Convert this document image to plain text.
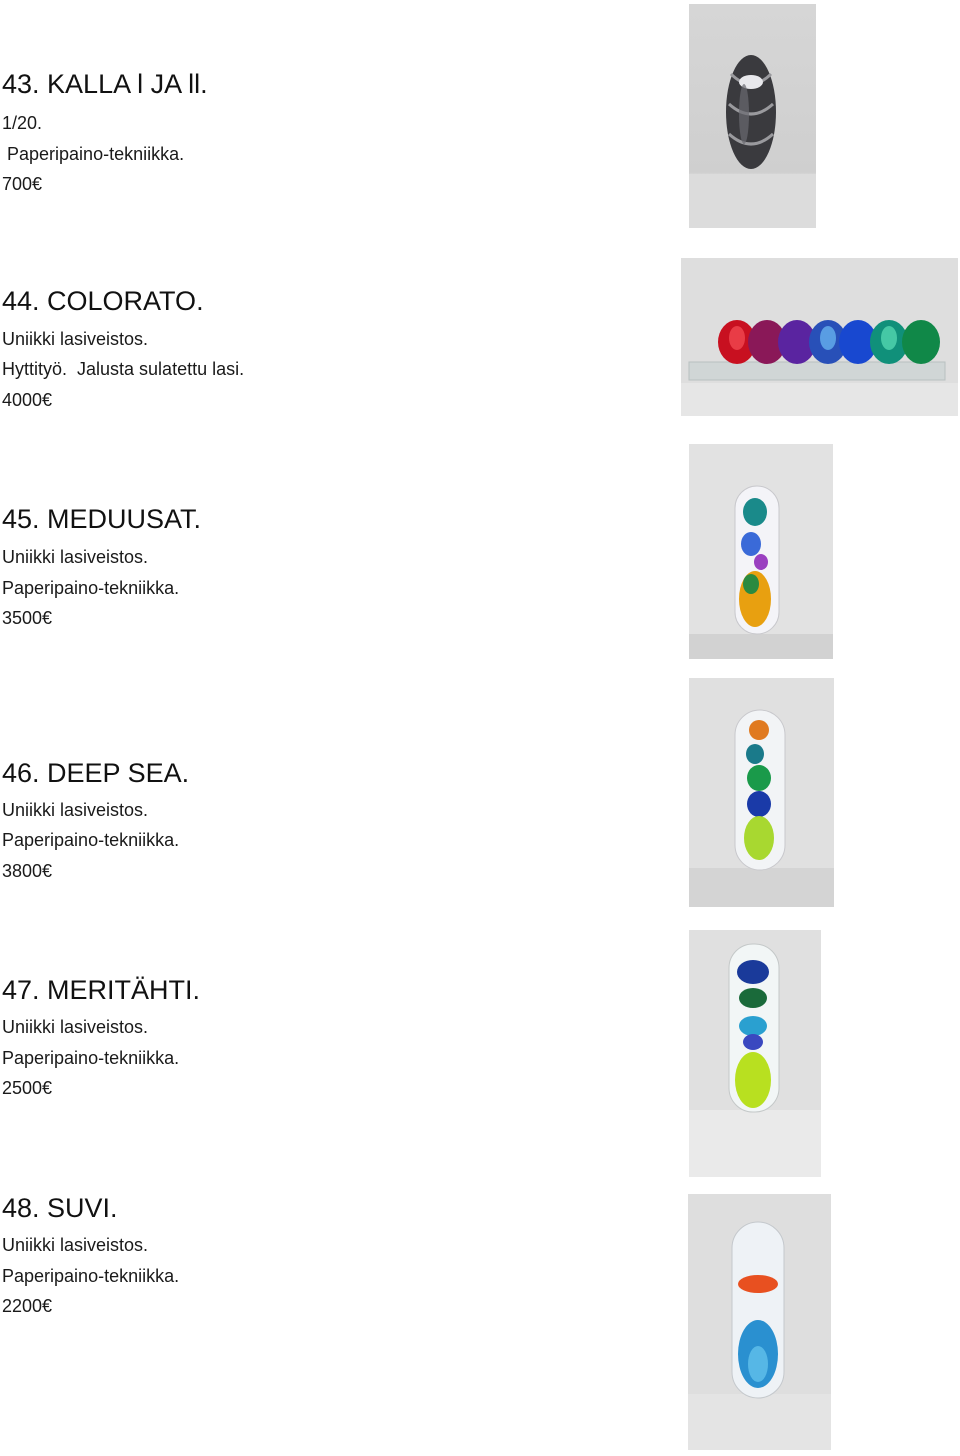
43. KALLA l JA ll.
1/20.
Paperipaino-tekniikka.
700€
44. COLORATO.
Uniikki lasiveistos.
Hyttityö.  Jalusta sulatettu lasi.
4000€
45. MEDUUSAT.
Uniikki lasiveistos.
Paperipaino-tekniikka.
3500€
46. DEEP SEA.
Uniikki lasiveistos.
Paperipaino-tekniikka.
3800€
47. MERITÄHTI.
Uniikki lasiveistos.
Paperipaino-tekniikka.
2500€
48. SUVI.
Uniikki lasiveistos.
Paperipaino-tekniikka.
2200€
